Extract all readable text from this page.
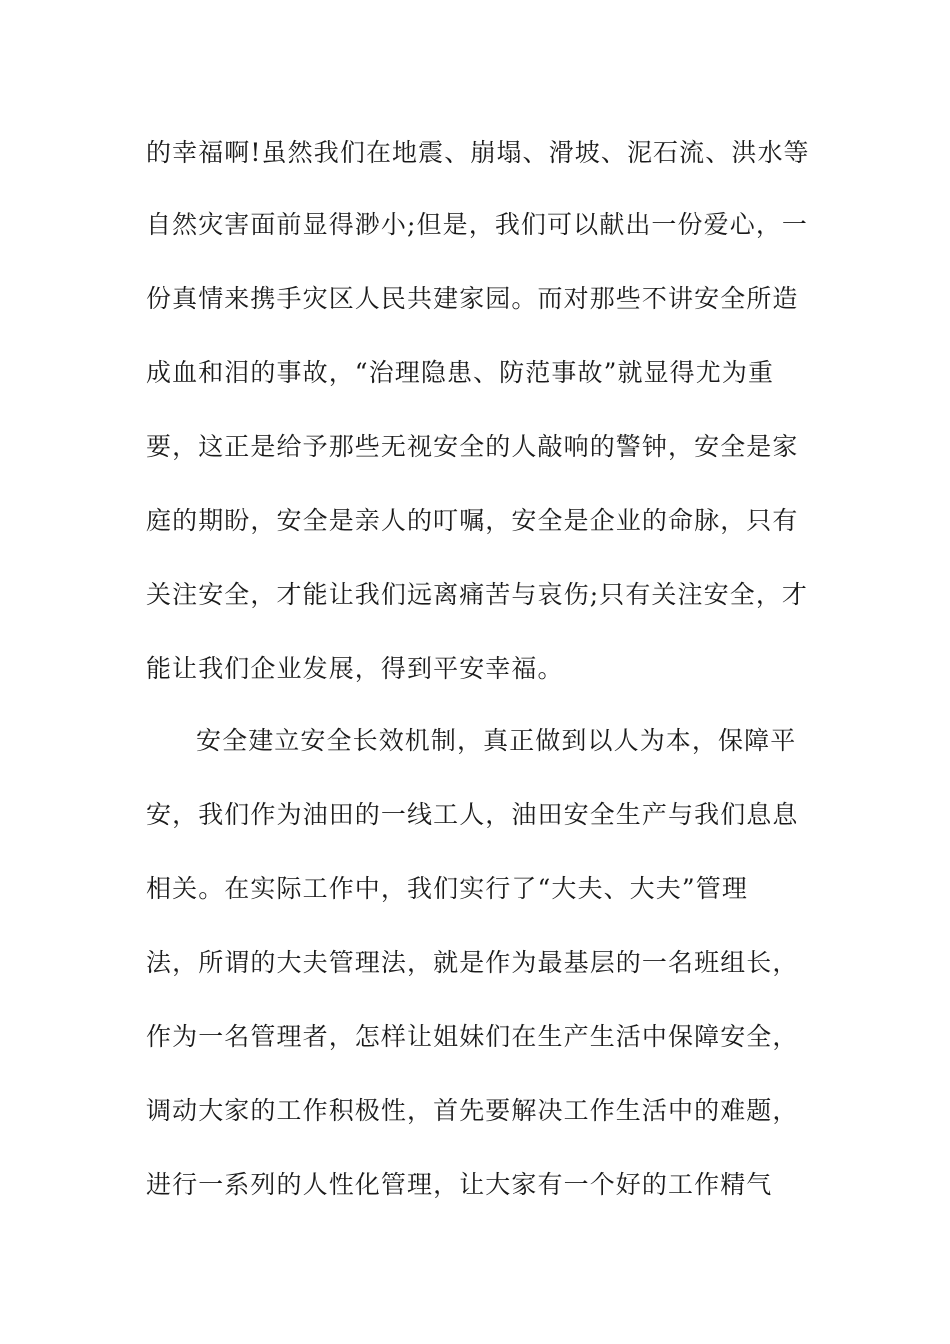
的幸福啊!虽然我们在地震、崩塌、滑坡、泥石流、洪水等
自然灾害面前显得渺小;但是，我们可以献出一份爱心，一
份真情来携手灾区人民共建家园。而对那些不讲安全所造
成血和泪的事故，“治理隐患、防范事故”就显得尤为重
要，这正是给予那些无视安全的人敲响的警钟，安全是家
庭的期盼，安全是亲人的叮嘱，安全是企业的命脉，只有
关注安全，才能让我们远离痛苦与哀伤;只有关注安全，才
能让我们企业发展，得到平安幸福。
安全建立安全长效机制，真正做到以人为本，保障平
安，我们作为油田的一线工人，油田安全生产与我们息息
相关。在实际工作中，我们实行了“大夫、大夫”管理
法，所谓的大夫管理法，就是作为最基层的一名班组长，
作为一名管理者，怎样让姐妹们在生产生活中保障安全，
调动大家的工作积极性，首先要解决工作生活中的难题，
进行一系列的人性化管理，让大家有一个好的工作精气
